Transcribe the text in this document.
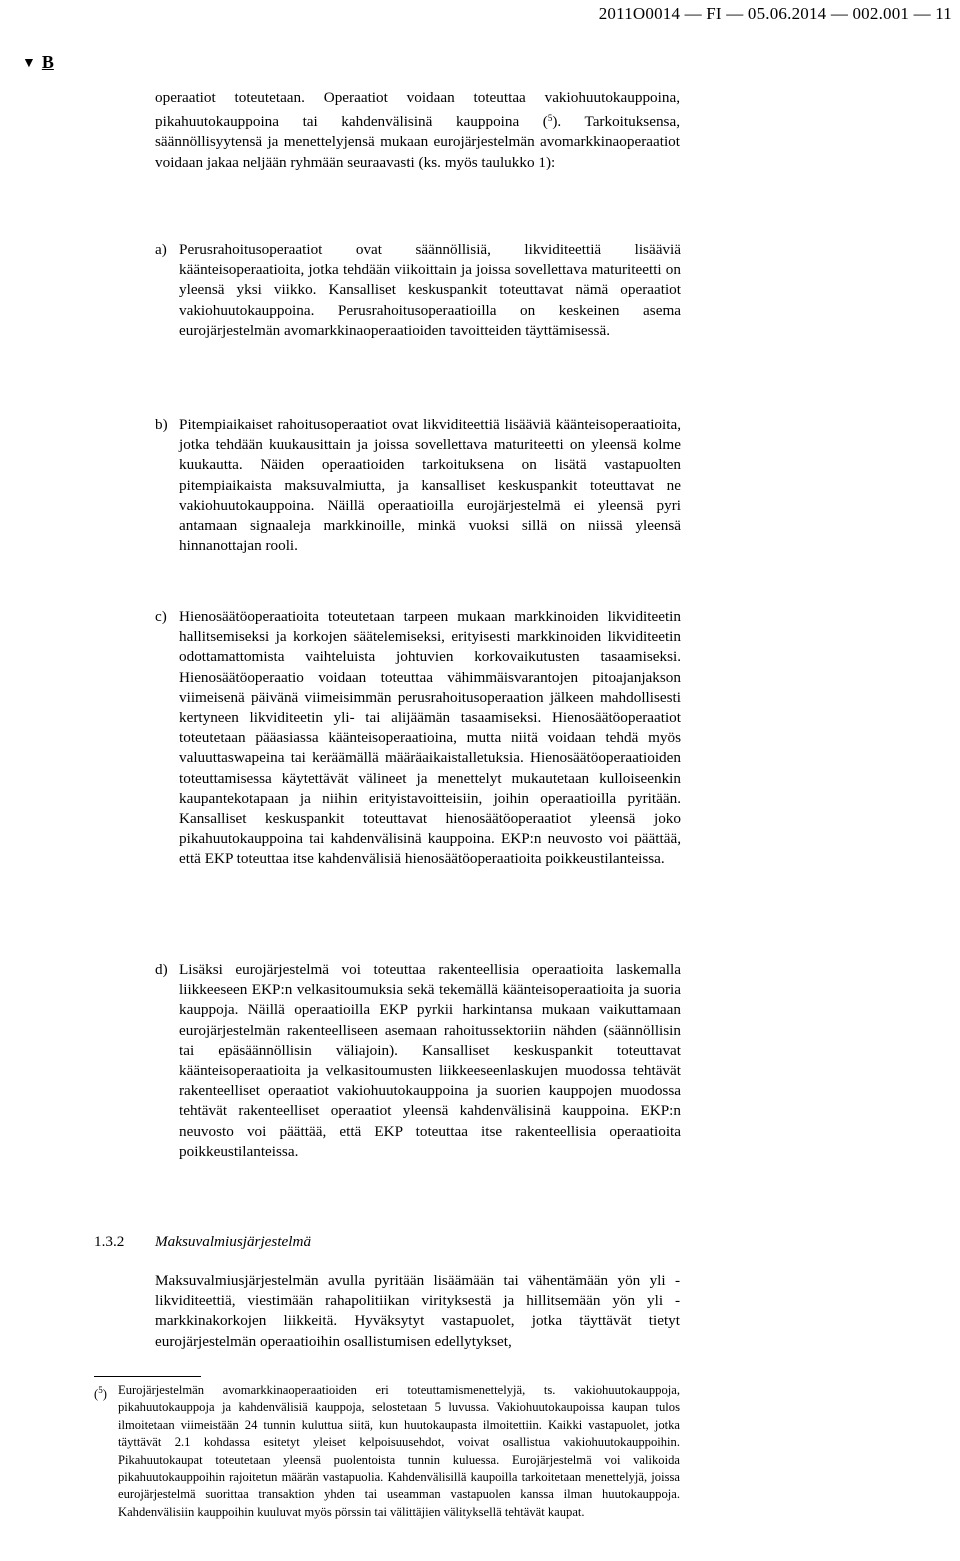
2011O0014 — FI — 05.06.2014 — 002.001 — 11
▼ B
operaatiot toteutetaan. Operaatiot voidaan toteuttaa vakiohuutokauppoina, pikahuutokauppoina tai kahdenvälisinä kauppoina ($^5$). Tarkoituksensa, säännöllisyytensä ja menettelyjensä mukaan eurojärjestelmän avomarkkinaoperaatiot voidaan jakaa neljään ryhmään seuraavasti (ks. myös taulukko 1):
a) Perusrahoitusoperaatiot ovat säännöllisiä, likviditeettiä lisääviä käänteisoperaatioita, jotka tehdään viikoittain ja joissa sovellettava maturiteetti on yleensä yksi viikko. Kansalliset keskuspankit toteuttavat nämä operaatiot vakiohuutokauppoina. Perusrahoitusoperaatioilla on keskeinen asema eurojärjestelmän avomarkkinaoperaatioiden tavoitteiden täyttämisessä.
b) Pitempiaikaiset rahoitusoperaatiot ovat likviditeettiä lisääviä käänteisoperaatioita, jotka tehdään kuukausittain ja joissa sovellettava maturiteetti on yleensä kolme kuukautta. Näiden operaatioiden tarkoituksena on lisätä vastapuolten pitempiaikaista maksuvalmiutta, ja kansalliset keskuspankit toteuttavat ne vakiohuutokauppoina. Näillä operaatioilla eurojärjestelmä ei yleensä pyri antamaan signaaleja markkinoille, minkä vuoksi sillä on niissä yleensä hinnanottajan rooli.
c) Hienosäätöoperaatioita toteutetaan tarpeen mukaan markkinoiden likviditeetin hallitsemiseksi ja korkojen säätelemiseksi, erityisesti markkinoiden likviditeetin odottamattomista vaihteluista johtuvien korkovaikutusten tasaamiseksi. Hienosäätöoperaatio voidaan toteuttaa vähimmäisvarantojen pitoajanjakson viimeisenä päivänä viimeisimmän perusrahoitusoperaation jälkeen mahdollisesti kertyneen likviditeetin yli- tai alijäämän tasaamiseksi. Hienosäätöoperaatiot toteutetaan pääasiassa käänteisoperaatioina, mutta niitä voidaan tehdä myös valuuttaswapeina tai keräämällä määräaikaistalletuksia. Hienosäätöoperaatioiden toteuttamisessa käytettävät välineet ja menettelyt mukautetaan kulloiseenkin kaupantekotapaan ja niihin erityistavoitteisiin, joihin operaatioilla pyritään. Kansalliset keskuspankit toteuttavat hienosäätöoperaatiot yleensä joko pikahuutokauppoina tai kahdenvälisinä kauppoina. EKP:n neuvosto voi päättää, että EKP toteuttaa itse kahdenvälisiä hienosäätöoperaatioita poikkeustilanteissa.
d) Lisäksi eurojärjestelmä voi toteuttaa rakenteellisia operaatioita laskemalla liikkeeseen EKP:n velkasitoumuksia sekä tekemällä käänteisoperaatioita ja suoria kauppoja. Näillä operaatioilla EKP pyrkii harkintansa mukaan vaikuttamaan eurojärjestelmän rakenteelliseen asemaan rahoitussektoriin nähden (säännöllisin tai epäsäännöllisin väliajoin). Kansalliset keskuspankit toteuttavat käänteisoperaatioita ja velkasitoumusten liikkeeseenlaskujen muodossa tehtävät rakenteelliset operaatiot vakiohuutokauppoina ja suorien kauppojen muodossa tehtävät rakenteelliset operaatiot yleensä kahdenvälisinä kauppoina. EKP:n neuvosto voi päättää, että EKP toteuttaa itse rakenteellisia operaatioita poikkeustilanteissa.
1.3.2 Maksuvalmiusjärjestelmä
Maksuvalmiusjärjestelmän avulla pyritään lisäämään tai vähentämään yön yli -likviditeettiä, viestimään rahapolitiikan virityksestä ja hillitsemään yön yli -markkinakorkojen liikkeitä. Hyväksytyt vastapuolet, jotka täyttävät tietyt eurojärjestelmän operaatioihin osallistumisen edellytykset,
($^5$) Eurojärjestelmän avomarkkinaoperaatioiden eri toteuttamismenettelyjä, ts. vakiohuutokauppoja, pikahuutokauppoja ja kahdenvälisiä kauppoja, selostetaan 5 luvussa. Vakiohuutokaupoissa kaupan tulos ilmoitetaan viimeistään 24 tunnin kuluttua siitä, kun huutokaupasta ilmoitettiin. Kaikki vastapuolet, jotka täyttävät 2.1 kohdassa esitetyt yleiset kelpoisuusehdot, voivat osallistua vakiohuutokauppoihin. Pikahuutokaupat toteutetaan yleensä puolentoista tunnin kuluessa. Eurojärjestelmä voi valikoida pikahuutokauppoihin rajoitetun määrän vastapuolia. Kahdenvälisillä kaupoilla tarkoitetaan menettelyjä, joissa eurojärjestelmä suorittaa transaktion yhden tai useamman vastapuolen kanssa ilman huutokauppoja. Kahdenvälisiin kauppoihin kuuluvat myös pörssin tai välittäjien välityksellä tehtävät kaupat.
